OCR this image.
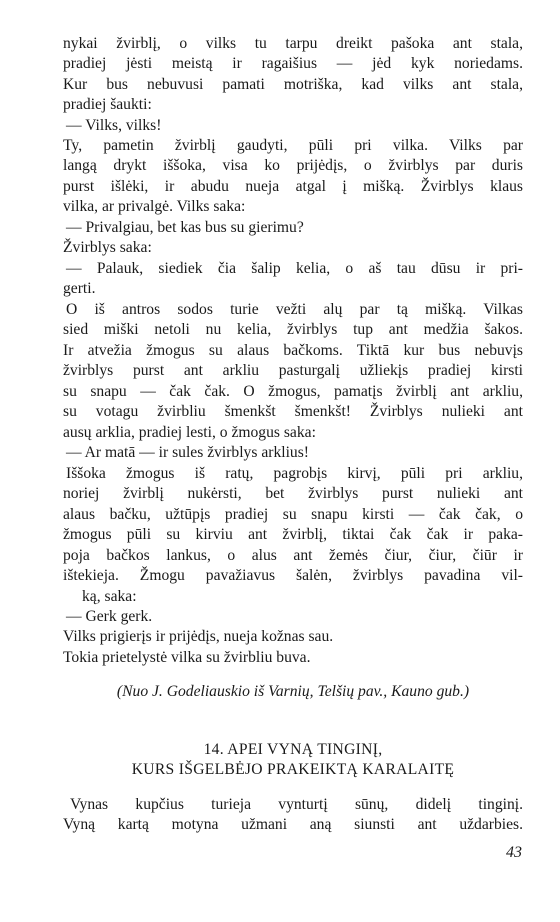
nykai žvirblį, o vilks tu tarpu dreikt pašoka ant stala,
pradiej jėsti meistą ir ragaišius — jėd kyk noriedams.
Kur bus nebuvusi pamati motriška, kad vilks ant stala,
pradiej šaukti:
— Vilks, vilks!
Ty, pametin žvirblį gaudyti, pūli pri vilka. Vilks par
langą drykt iššoka, visa ko prijėdįs, o žvirblys par duris
purst išlėki, ir abudu nueja atgal į mišką. Žvirblys klaus
vilka, ar privalgė. Vilks saka:
— Privalgiau, bet kas bus su gierimu?
Žvirblys saka:
— Palauk, siediek čia šalip kelia, o aš tau dūsu ir pri-
gerti.
O iš antros sodos turie vežti alų par tą mišką. Vilkas
sied miški netoli nu kelia, žvirblys tup ant medžia šakos.
Ir atvežia žmogus su alaus bačkoms. Tiktā kur bus nebuvįs
žvirblys purst ant arkliu pasturgalį užliekįs pradiej kirsti
su snapu — čak čak. O žmogus, pamatįs žvirblį ant arkliu,
su votagu žvirbliu šmenkšt šmenkšt! Žvirblys nulieki ant
ausų arklia, pradiej lesti, o žmogus saka:
— Ar matā — ir sules žvirblys arklius!
Iššoka žmogus iš ratų, pagrobįs kirvį, pūli pri arkliu,
noriej žvirblį nukėrsti, bet žvirblys purst nulieki ant
alaus bačku, užtūpįs pradiej su snapu kirsti — čak čak, o
žmogus pūli su kirviu ant žvirblį, tiktai čak čak ir paka-
poja bačkos lankus, o alus ant žemės čiur, čiur, čiūr ir
ištekieja. Žmogu pavažiavus šalėn, žvirblys pavadina vil-
ką, saka:
— Gerk gerk.
Vilks prigierįs ir prijėdįs, nueja kožnas sau.
Tokia prietelystė vilka su žvirbliu buva.
(Nuo J. Godeliauskio iš Varnių, Telšių pav., Kauno gub.)
14. APEI VYNĄ TINGINĮ,
KURS IŠGELBĖJO PRAKEIKTĄ KARALAITĘ
Vynas kupčius turieja vynturtį sūnų, didelį tinginį.
Vyną kartą motyna užmani aną siunsti ant uždarbies.
43
